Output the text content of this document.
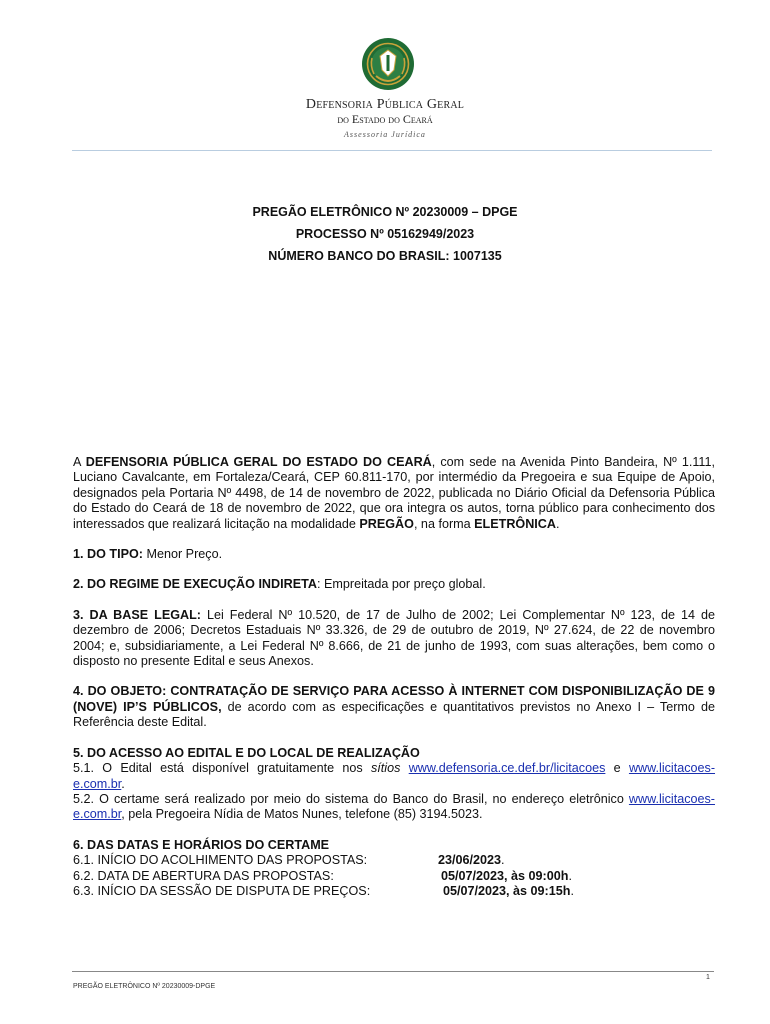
Defensoria Pública Geral
do Estado do Ceará
Assessoria Jurídica
PREGÃO ELETRÔNICO Nº 20230009 – DPGE
PROCESSO Nº 05162949/2023
NÚMERO BANCO DO BRASIL: 1007135

A DEFENSORIA PÚBLICA GERAL DO ESTADO DO CEARÁ, com sede na Avenida Pinto Bandeira, Nº 1.111, Luciano Cavalcante, em Fortaleza/Ceará, CEP 60.811-170, por intermédio da Pregoeira e sua Equipe de Apoio, designados pela Portaria Nº 4498, de 14 de novembro de 2022, publicada no Diário Oficial da Defensoria Pública do Estado do Ceará de 18 de novembro de 2022, que ora integra os autos, torna público para conhecimento dos interessados que realizará licitação na modalidade PREGÃO, na forma ELETRÔNICA.

1. DO TIPO: Menor Preço.

2. DO REGIME DE EXECUÇÃO INDIRETA: Empreitada por preço global.

3. DA BASE LEGAL: Lei Federal Nº 10.520, de 17 de Julho de 2002; Lei Complementar Nº 123, de 14 de dezembro de 2006; Decretos Estaduais Nº 33.326, de 29 de outubro de 2019, Nº 27.624, de 22 de novembro 2004; e, subsidiariamente, a Lei Federal Nº 8.666, de 21 de junho de 1993, com suas alterações, bem como o disposto no presente Edital e seus Anexos.

4. DO OBJETO: CONTRATAÇÃO DE SERVIÇO PARA ACESSO À INTERNET COM DISPONIBILIZAÇÃO DE 9 (NOVE) IP’S PÚBLICOS, de acordo com as especificações e quantitativos previstos no Anexo I – Termo de Referência deste Edital.

5. DO ACESSO AO EDITAL E DO LOCAL DE REALIZAÇÃO

5.1. O Edital está disponível gratuitamente nos sítios www.defensoria.ce.def.br/licitacoes e www.licitacoes-e.com.br.

5.2. O certame será realizado por meio do sistema do Banco do Brasil, no endereço eletrônico www.licitacoes-e.com.br, pela Pregoeira Nídia de Matos Nunes, telefone (85) 3194.5023.

6. DAS DATAS E HORÁRIOS DO CERTAME

6.1. INÍCIO DO ACOLHIMENTO DAS PROPOSTAS:	23/06/2023 .
6.2. DATA DE ABERTURA DAS PROPOSTAS:	05/07/2023, às 09:00h .
6.3. INÍCIO DA SESSÃO DE DISPUTA DE PREÇOS:	05/07/2023, às 09:15h .
1
PREGÃO ELETRÔNICO Nº 20230009-DPGE
